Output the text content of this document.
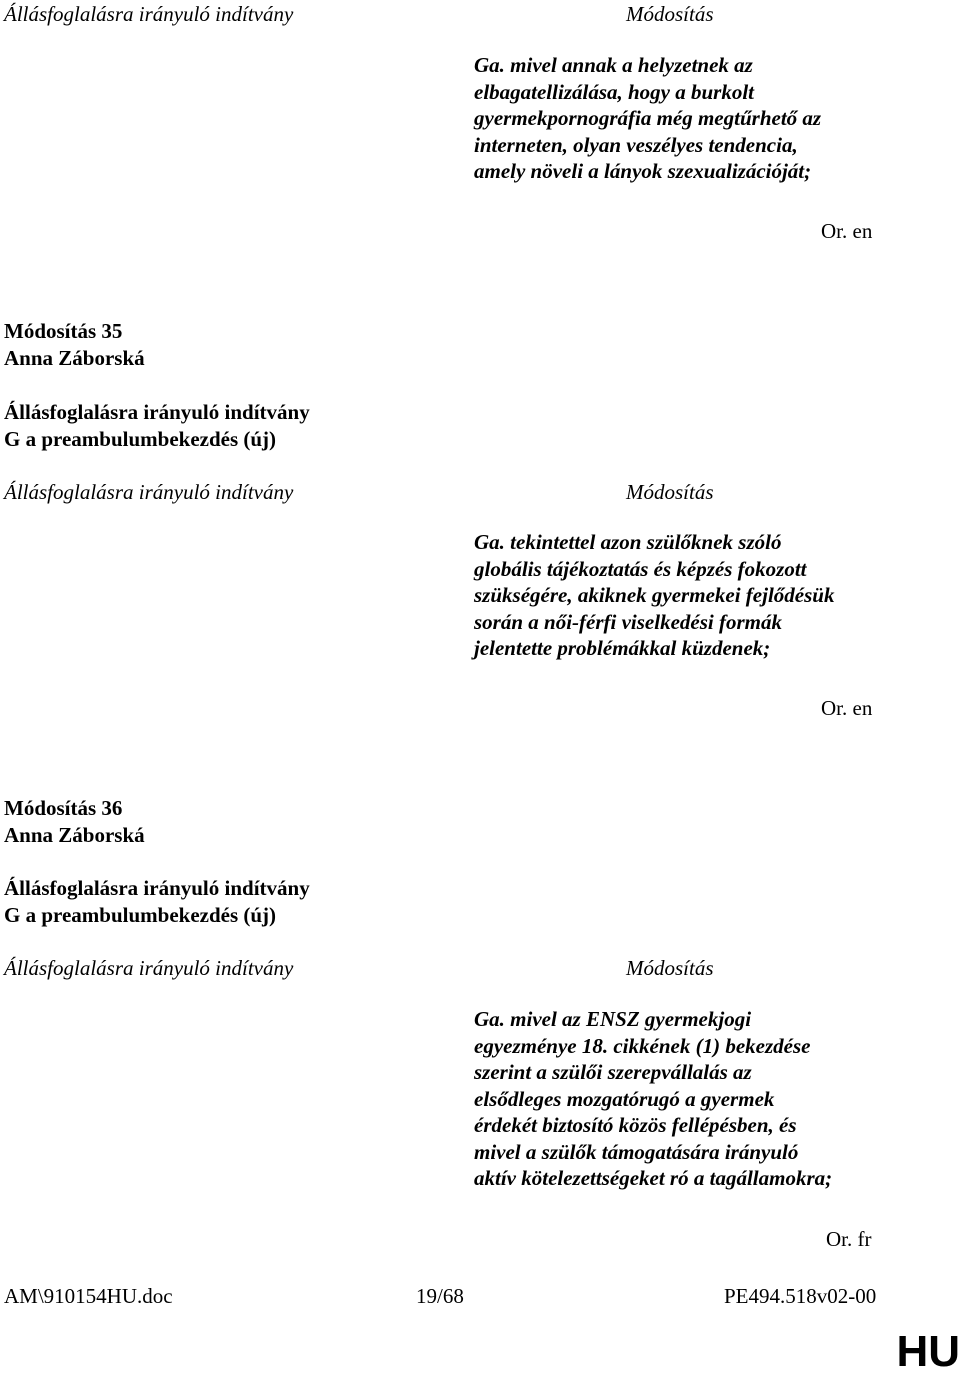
Állásfoglalásra irányuló indítvány	Módosítás
Ga. mivel annak a helyzetnek az
elbagatellizálása, hogy a burkolt
gyermekpornográfia még megtűrhető az
interneten, olyan veszélyes tendencia,
amely növeli a lányok szexualizációját;
Or. en
Módosítás 35
Anna Záborská
Állásfoglalásra irányuló indítvány
G a preambulumbekezdés (új)
Állásfoglalásra irányuló indítvány	Módosítás
Ga. tekintettel azon szülőknek szóló
globális tájékoztatás és képzés fokozott
szükségére, akiknek gyermekei fejlődésük
során a női-férfi viselkedési formák
jelentette problémákkal küzdenek;
Or. en
Módosítás 36
Anna Záborská
Állásfoglalásra irányuló indítvány
G a preambulumbekezdés (új)
Állásfoglalásra irányuló indítvány	Módosítás
Ga. mivel az ENSZ gyermekjogi
egyezménye 18. cikkének (1) bekezdése
szerint a szülői szerepvállalás az
elsődleges mozgatórugó a gyermek
érdekét biztosító közös fellépésben, és
mivel a szülők támogatására irányuló
aktív kötelezettségeket ró a tagállamokra;
Or. fr
AM\910154HU.doc	19/68	PE494.518v02-00
HU
